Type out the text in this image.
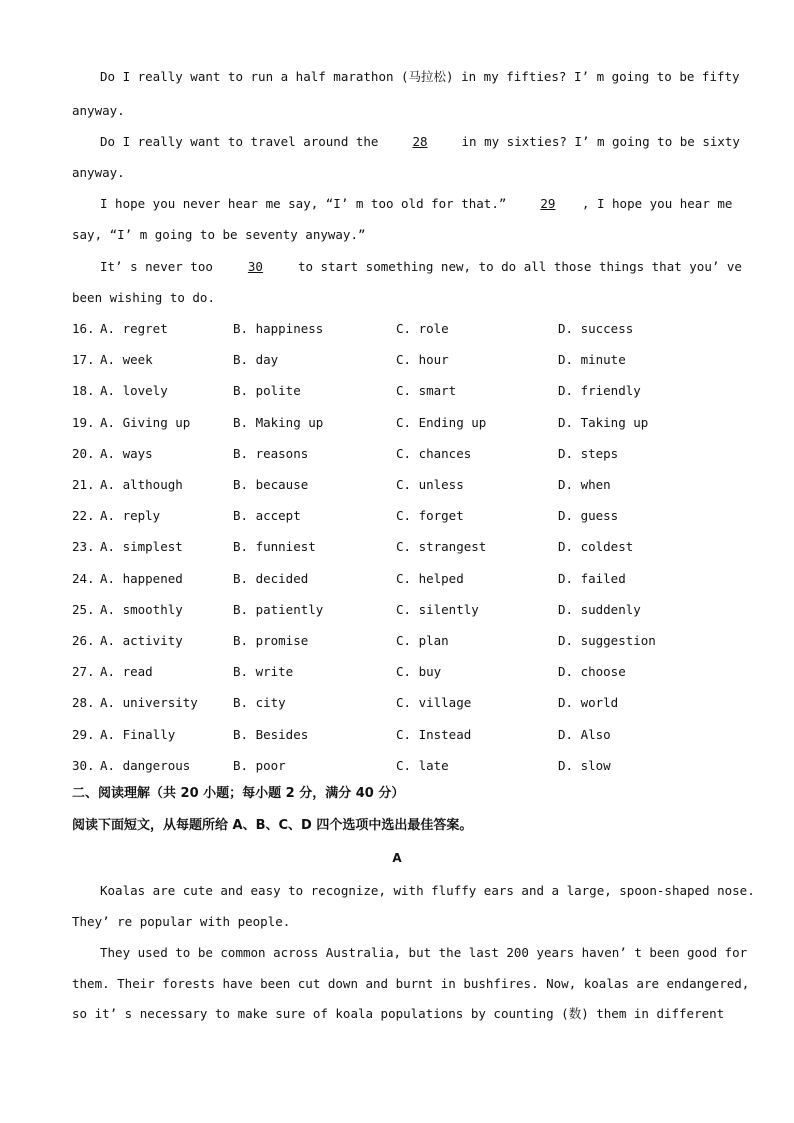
Do I really want to run a half marathon (马拉松) in my fifties? I’ m going to be fifty
anyway.
Do I really want to travel around the 28 in my sixties? I’ m going to be sixty
anyway.
I hope you never hear me say, “I’ m too old for that.” 29 , I hope you hear me
say, “I’ m going to be seventy anyway.”
It’ s never too 30 to start something new, to do all those things that you’ ve
been wishing to do.
16. A. regret	B. happiness	C. role	D. success
17. A. week	B. day	C. hour	D. minute
18. A. lovely	B. polite	C. smart	D. friendly
19. A. Giving up	B. Making up	C. Ending up	D. Taking up
20. A. ways	B. reasons	C. chances	D. steps
21. A. although	B. because	C. unless	D. when
22. A. reply	B. accept	C. forget	D. guess
23. A. simplest	B. funniest	C. strangest	D. coldest
24. A. happened	B. decided	C. helped	D. failed
25. A. smoothly	B. patiently	C. silently	D. suddenly
26. A. activity	B. promise	C. plan	D. suggestion
27. A. read	B. write	C. buy	D. choose
28. A. university	B. city	C. village	D. world
29. A. Finally	B. Besides	C. Instead	D. Also
30. A. dangerous	B. poor	C. late	D. slow
二、阅读理解（共 20 小题；每小题 2 分，满分 40 分）
阅读下面短文，从每题所给 A、B、C、D 四个选项中选出最佳答案。
A
Koalas are cute and easy to recognize, with fluffy ears and a large, spoon-shaped nose.
They’ re popular with people.
They used to be common across Australia, but the last 200 years haven’ t been good for
them. Their forests have been cut down and burnt in bushfires. Now, koalas are endangered,
so it’ s necessary to make sure of koala populations by counting (数) them in different
